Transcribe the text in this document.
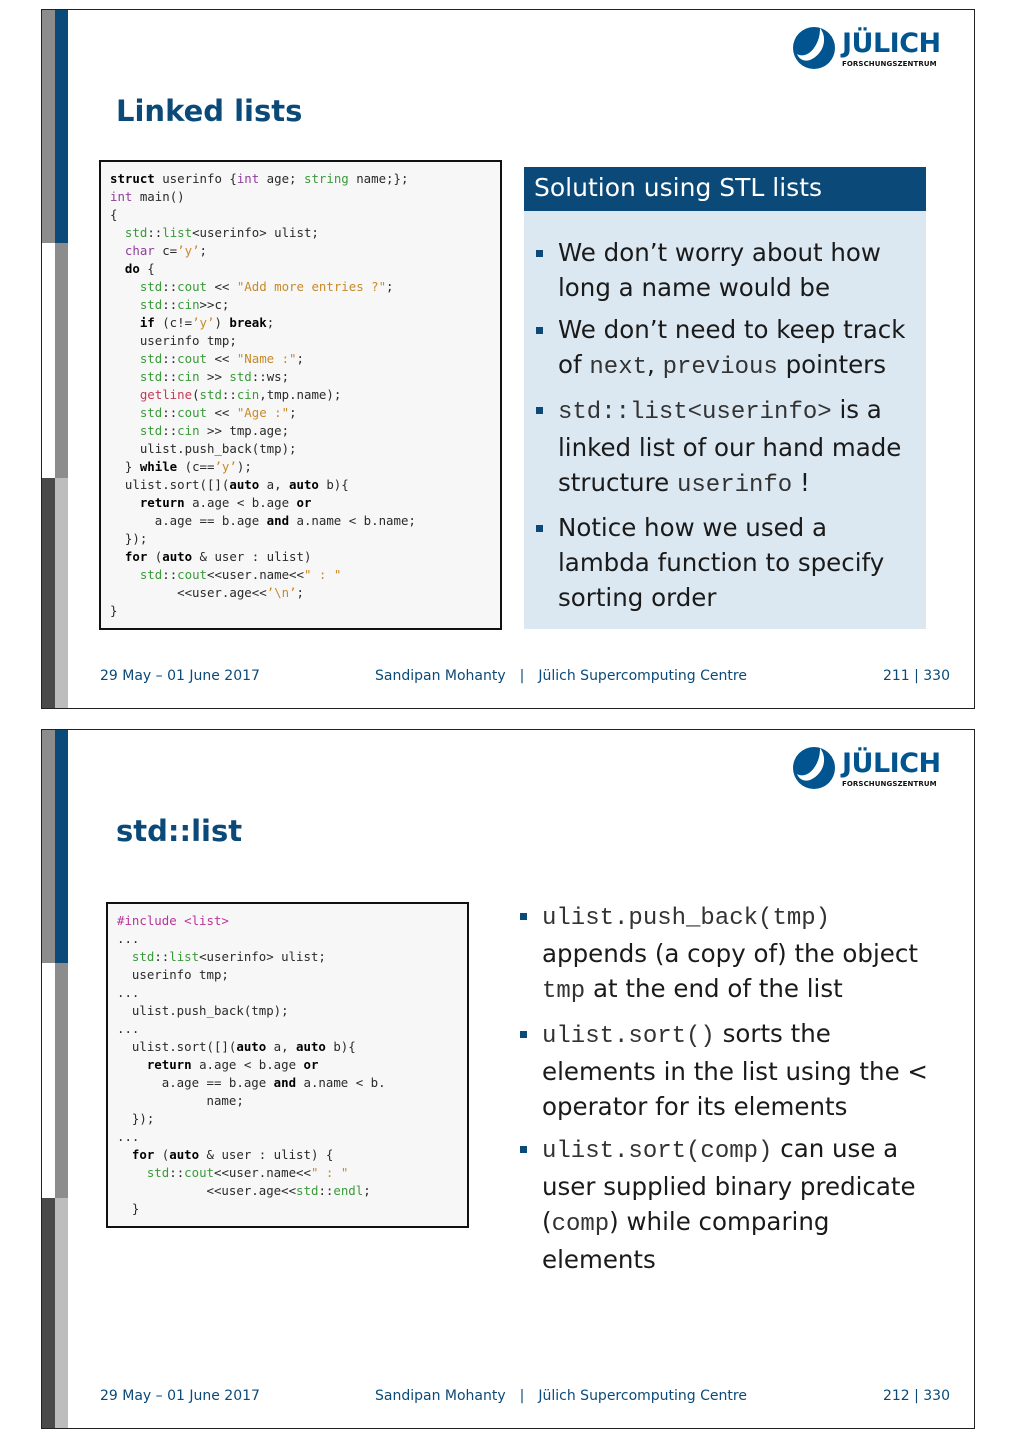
JÜLICH
FORSCHUNGSZENTRUM
Linked lists
struct userinfo {int age; string name;};
int main()
{
std::list<userinfo> ulist;
char c=’y’;
do {
std::cout << "Add more entries ?";
std::cin>>c;
if (c!=’y’) break;
userinfo tmp;
std::cout << "Name :";
std::cin >> std::ws;
getline(std::cin,tmp.name);
std::cout << "Age :";
std::cin >> tmp.age;
ulist.push_back(tmp);
} while (c==’y’);
ulist.sort([](auto a, auto b){
return a.age < b.age or
a.age == b.age and a.name < b.name;
});
for (auto & user : ulist)
std::cout<<user.name<<" : "
<<user.age<<’\n’;
}
Solution using STL lists
We don’t worry about how long a name would be
We don’t need to keep track of next, previous pointers
std::list<userinfo> is a linked list of our hand made structure userinfo !
Notice how we used a lambda function to specify sorting order
29 May – 01 June 2017	Sandipan Mohanty | Jülich Supercomputing Centre	211 | 330
JÜLICH
FORSCHUNGSZENTRUM
std::list
#include <list>
...
std::list<userinfo> ulist;
userinfo tmp;
...
ulist.push_back(tmp);
...
ulist.sort([](auto a, auto b){
return a.age < b.age or
a.age == b.age and a.name < b.
name;
});
...
for (auto & user : ulist) {
std::cout<<user.name<<" : "
<<user.age<<std::endl;
}
ulist.push_back(tmp) appends (a copy of) the object tmp at the end of the list
ulist.sort() sorts the elements in the list using the < operator for its elements
ulist.sort(comp) can use a user supplied binary predicate (comp) while comparing elements
29 May – 01 June 2017	Sandipan Mohanty | Jülich Supercomputing Centre	212 | 330
